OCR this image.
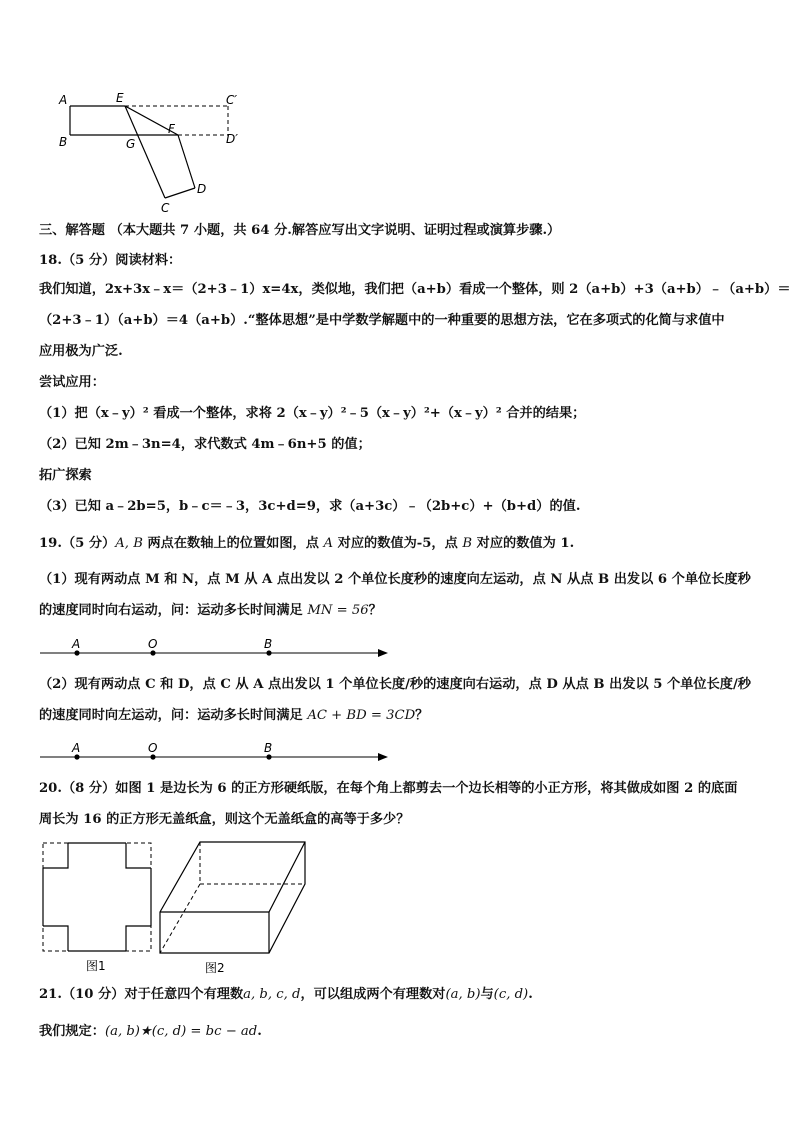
A	E	C′
B	G
F
D′
D
C
三、解答题 （本大题共 7 小题，共 64 分.解答应写出文字说明、证明过程或演算步骤.）
18.（5 分）阅读材料：
我们知道，2x+3x﹣x＝（2+3﹣1）x=4x，类似地，我们把（a+b）看成一个整体，则 2（a+b）+3（a+b）﹣（a+b）＝
（2+3﹣1）（a+b）＝4（a+b）.“整体思想”是中学数学解题中的一种重要的思想方法，它在多项式的化简与求值中
应用极为广泛.
尝试应用：
（1）把（x﹣y）² 看成一个整体，求将 2（x﹣y）²﹣5（x﹣y）²+（x﹣y）² 合并的结果；
（2）已知 2m﹣3n=4，求代数式 4m﹣6n+5 的值；
拓广探索
（3）已知 a﹣2b=5，b﹣c＝﹣3，3c+d=9，求（a+3c）﹣（2b+c）+（b+d）的值.
19.（5 分）A, B 两点在数轴上的位置如图，点 A 对应的数值为-5，点 B 对应的数值为 1.
（1）现有两动点 M 和 N，点 M 从 A 点出发以 2 个单位长度秒的速度向左运动，点 N 从点 B 出发以 6 个单位长度秒
的速度同时向右运动，问：运动多长时间满足 MN = 56？
A	O	B
（2）现有两动点 C 和 D，点 C 从 A 点出发以 1 个单位长度/秒的速度向右运动，点 D 从点 B 出发以 5 个单位长度/秒
的速度同时向左运动，问：运动多长时间满足 AC + BD = 3CD？
A	O	B
20.（8 分）如图 1 是边长为 6 的正方形硬纸版，在每个角上都剪去一个边长相等的小正方形，将其做成如图 2 的底面
周长为 16 的正方形无盖纸盒，则这个无盖纸盒的高等于多少？
图1	图2
21.（10 分）对于任意四个有理数a, b, c, d，可以组成两个有理数对(a, b)与(c, d).
我们规定：(a, b)★(c, d) = bc − ad.
